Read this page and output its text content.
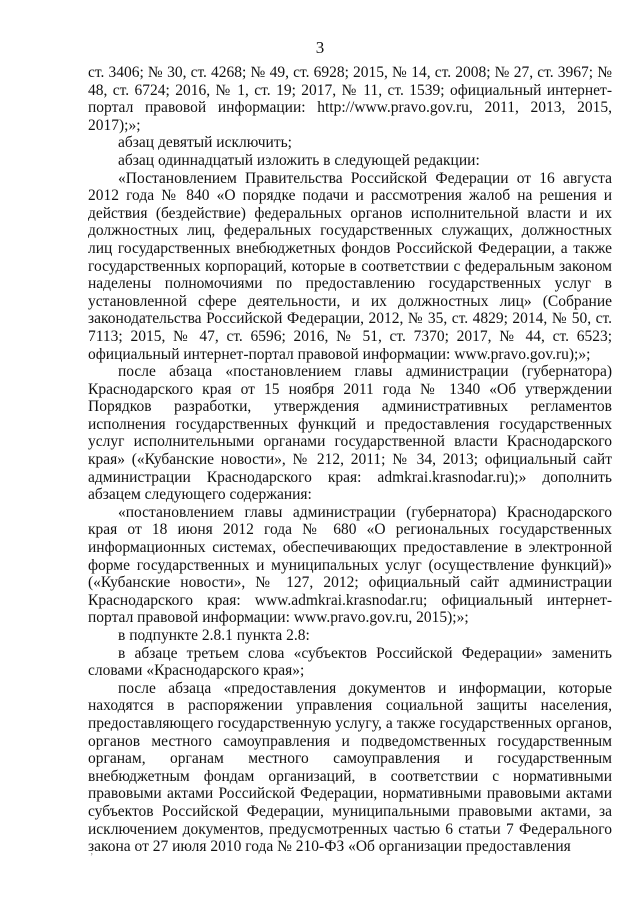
3

ст. 3406; № 30, ст. 4268; № 49, ст. 6928; 2015, № 14, ст. 2008; № 27, ст. 3967; № 48, ст. 6724; 2016, № 1, ст. 19; 2017, № 11, ст. 1539; официальный интернет-портал правовой информации: http://www.pravo.gov.ru, 2011, 2013, 2015, 2017);»;

абзац девятый исключить;

абзац одиннадцатый изложить в следующей редакции:

«Постановлением Правительства Российской Федерации от 16 августа 2012 года № 840 «О порядке подачи и рассмотрения жалоб на решения и действия (бездействие) федеральных органов исполнительной власти и их должностных лиц, федеральных государственных служащих, должностных лиц государственных внебюджетных фондов Российской Федерации, а также государственных корпораций, которые в соответствии с федеральным законом наделены полномочиями по предоставлению государственных услуг в установленной сфере деятельности, и их должностных лиц» (Собрание законодательства Российской Федерации, 2012, № 35, ст. 4829; 2014, № 50, ст. 7113; 2015, № 47, ст. 6596; 2016, № 51, ст. 7370; 2017, № 44, ст. 6523; официальный интернет-портал правовой информации: www.pravo.gov.ru);»;

после абзаца «постановлением главы администрации (губернатора) Краснодарского края от 15 ноября 2011 года № 1340 «Об утверждении Порядков разработки, утверждения административных регламентов исполнения государственных функций и предоставления государственных услуг исполнительными органами государственной власти Краснодарского края» («Кубанские новости», № 212, 2011; № 34, 2013; официальный сайт администрации Краснодарского края: admkrai.krasnodar.ru);» дополнить абзацем следующего содержания:

«постановлением главы администрации (губернатора) Краснодарского края от 18 июня 2012 года № 680 «О региональных государственных информационных системах, обеспечивающих предоставление в электронной форме государственных и муниципальных услуг (осуществление функций)» («Кубанские новости», № 127, 2012; официальный сайт администрации Краснодарского края: www.admkrai.krasnodar.ru; официальный интернет-портал правовой информации: www.pravo.gov.ru, 2015);»;

в подпункте 2.8.1 пункта 2.8:

в абзаце третьем слова «субъектов Российской Федерации» заменить словами «Краснодарского края»;

после абзаца «предоставления документов и информации, которые находятся в распоряжении управления социальной защиты населения, предоставляющего государственную услугу, а также государственных органов, органов местного самоуправления и подведомственных государственным органам, органам местного самоуправления и государственным внебюджетным фондам организаций, в соответствии с нормативными правовыми актами Российской Федерации, нормативными правовыми актами субъектов Российской Федерации, муниципальными правовыми актами, за исключением документов, предусмотренных частью 6 статьи 7 Федерального закона от 27 июля 2010 года № 210-ФЗ «Об организации предоставления

’
